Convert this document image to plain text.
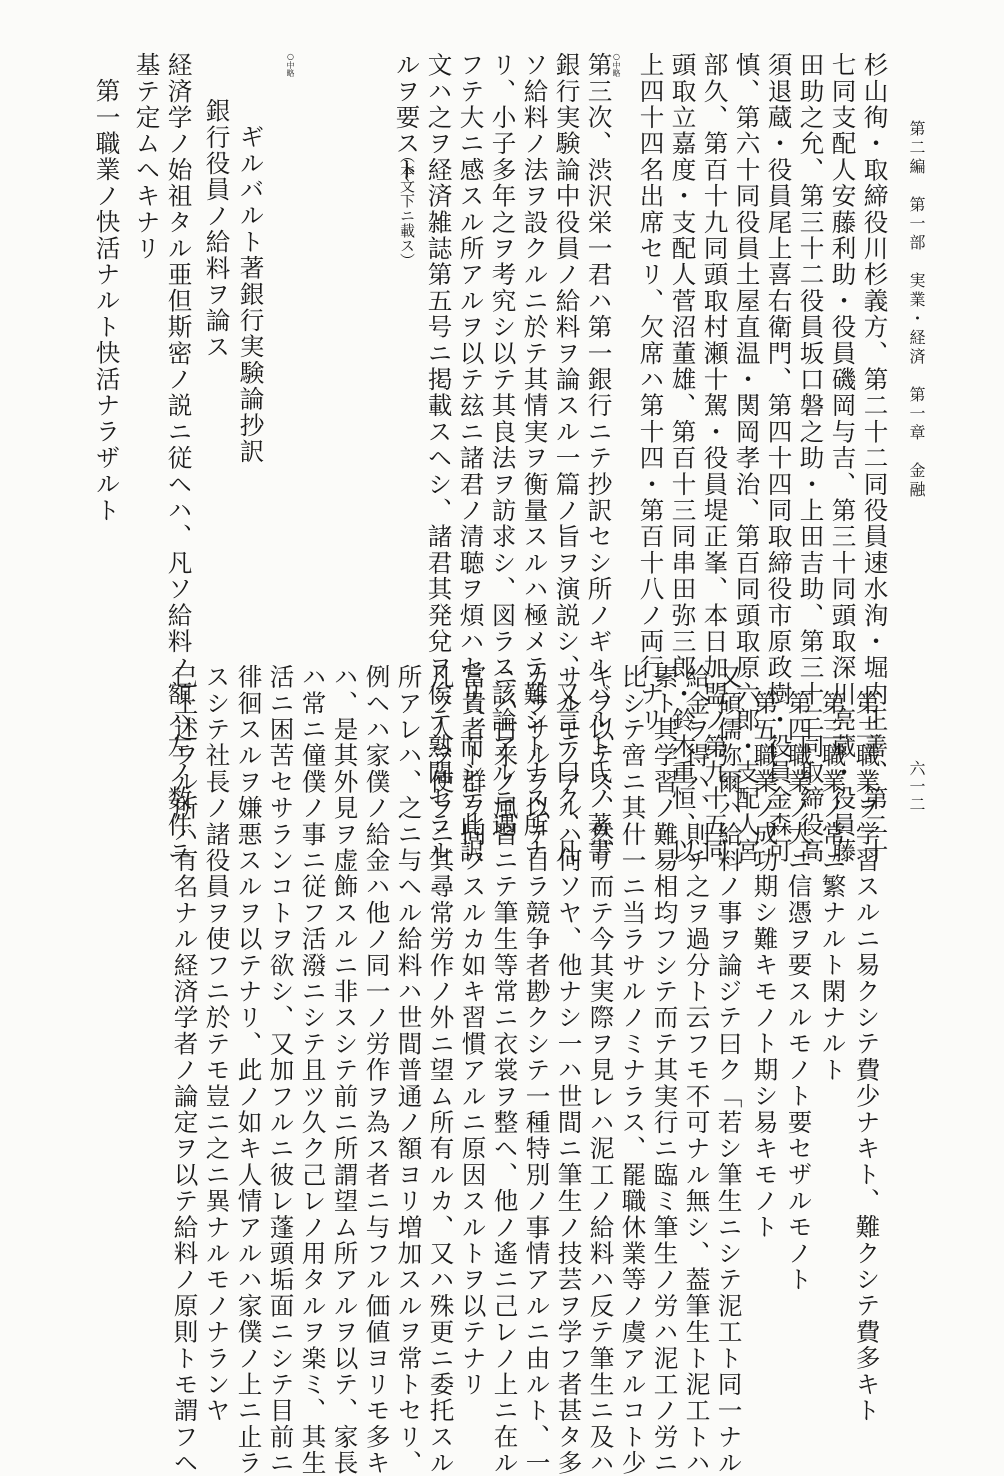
第二編　第一部　実業・経済　第一章　金融
六一二
杉山徇・取締役川杉義方、第二十二同役員速水洵・堀内正善、第二十
七同支配人安藤利助・役員磯岡与吉、第三十同頭取深川亮蔵・役員藤
田助之允、第三十二役員坂口磐之助・上田吉助、第三十三同取締役高
須退蔵・役員尾上喜右衛門、第四十四同取締役市原政樹・役員金森可
慎、第六十同役員土屋直温・関岡孝治、第百同頭取原六郎・支配人宮
部久、第百十九同頭取村瀬十駕・役員堤正峯、本日加盟ノ第九十五同
頭取立嘉度・支配人菅沼董雄、第百十三同串田弥三郎・鈴木重恒、以
上四十四名出席セリ、欠席ハ第十四・第百十八ノ両行ナリ
○中略
第三次、渋沢栄一君ハ第一銀行ニテ抄訳セシ所ノギルバルト氏ノ著書
銀行実験論中役員ノ給料ヲ論スル一篇ノ旨ヲ演説シ、又言テ曰ク、凡
ソ給料ノ法ヲ設クルニ於テ其情実ヲ衡量スルハ極メテ難シトナス所ナ
リ、小子多年之ヲ考究シ以テ其良法ヲ訪求シ、図ラス該論アルニ遇
フテ大ニ感スル所アルヲ以テ玆ニ諸君ノ清聴ヲ煩ハセリ、而シテ此訳
文ハ之ヲ経済雑誌第五号ニ掲載スヘシ、諸君其発兌ヲ俟テ熟閲セラル
ルヲ要スト
（本文下ニ載ス）
○中略
ギルバルト著銀行実験論抄訳
銀行役員ノ給料ヲ論ス
経済学ノ始祖タル亜但斯密ノ説ニ従ヘハ、凡ソ給料ノ額ハ左ノ数件ニ
基テ定ムヘキナリ
第一職業ノ快活ナルト快活ナラザルト
第二職業ヲ学習スルニ易クシテ費少ナキト、難クシテ費多キト
第三職業ノ常ニ繁ナルト閑ナルト
第四職業ノ大ニ信憑ヲ要スルモノト要セザルモノト
第五職業ノ成功期シ難キモノト期シ易キモノト
又碩儒弥爾ハ給料ノ事ヲ論ジテ曰ク「若シ筆生ニシテ泥工ト同一ナル
給金ヲ得ハ、則チ之ヲ過分ト云フモ不可ナル無シ、葢筆生ト泥工トハ
素ト其学習ノ難易相均フシテ而テ其実行ニ臨ミ筆生ノ労ハ泥工ノ労ニ
比シテ啻ニ其什一ニ当ラサルノミナラス、罷職休業等ノ虞アルコト少
キヲ以テス、然リ而テ今其実際ヲ見レハ泥工ノ給料ハ反テ筆生ニ及ハ
サルモノアルハ何ソヤ、他ナシ一ハ世間ニ筆生ノ技芸ヲ学フ者甚タ多
カラサルヲ以テ自ラ競争者尠クシテ一種特別ノ事情アルニ由ルト、一
ニハ古来ノ風習ニテ筆生等常ニ衣裳ヲ整ヘ、他ノ遙ニ己レノ上ニ在ル
富貴者ト群ヲ同フスルカ如キ習慣アルニ原因スルトヲ以テナリ
凡ソ人ヲ使フニ其尋常労作ノ外ニ望ム所有ルカ、又ハ殊更ニ委托スル
所アレハ、之ニ与ヘル給料ハ世間普通ノ額ヨリ増加スルヲ常トセリ、
例ヘハ家僕ノ給金ハ他ノ同一ノ労作ヲ為ス者ニ与フル価値ヨリモ多キ
ハ、是其外見ヲ虚飾スルニ非スシテ前ニ所謂望ム所アルヲ以テ、家長
ハ常ニ僮僕ノ事ニ従フ活潑ニシテ且ツ久ク己レノ用タルヲ楽ミ、其生
活ニ困苦セサランコトヲ欲シ、又加フルニ彼レ蓬頭垢面ニシテ目前ニ
徘徊スルヲ嫌悪スルヲ以テナリ、此ノ如キ人情アルハ家僕ノ上ニ止ラ
スシテ社長ノ諸役員ヲ使フニ於テモ豈ニ之ニ異ナルモノナランヤ
已上述フル所ハ有名ナル経済学者ノ論定ヲ以テ給料ノ原則トモ謂フヘ
